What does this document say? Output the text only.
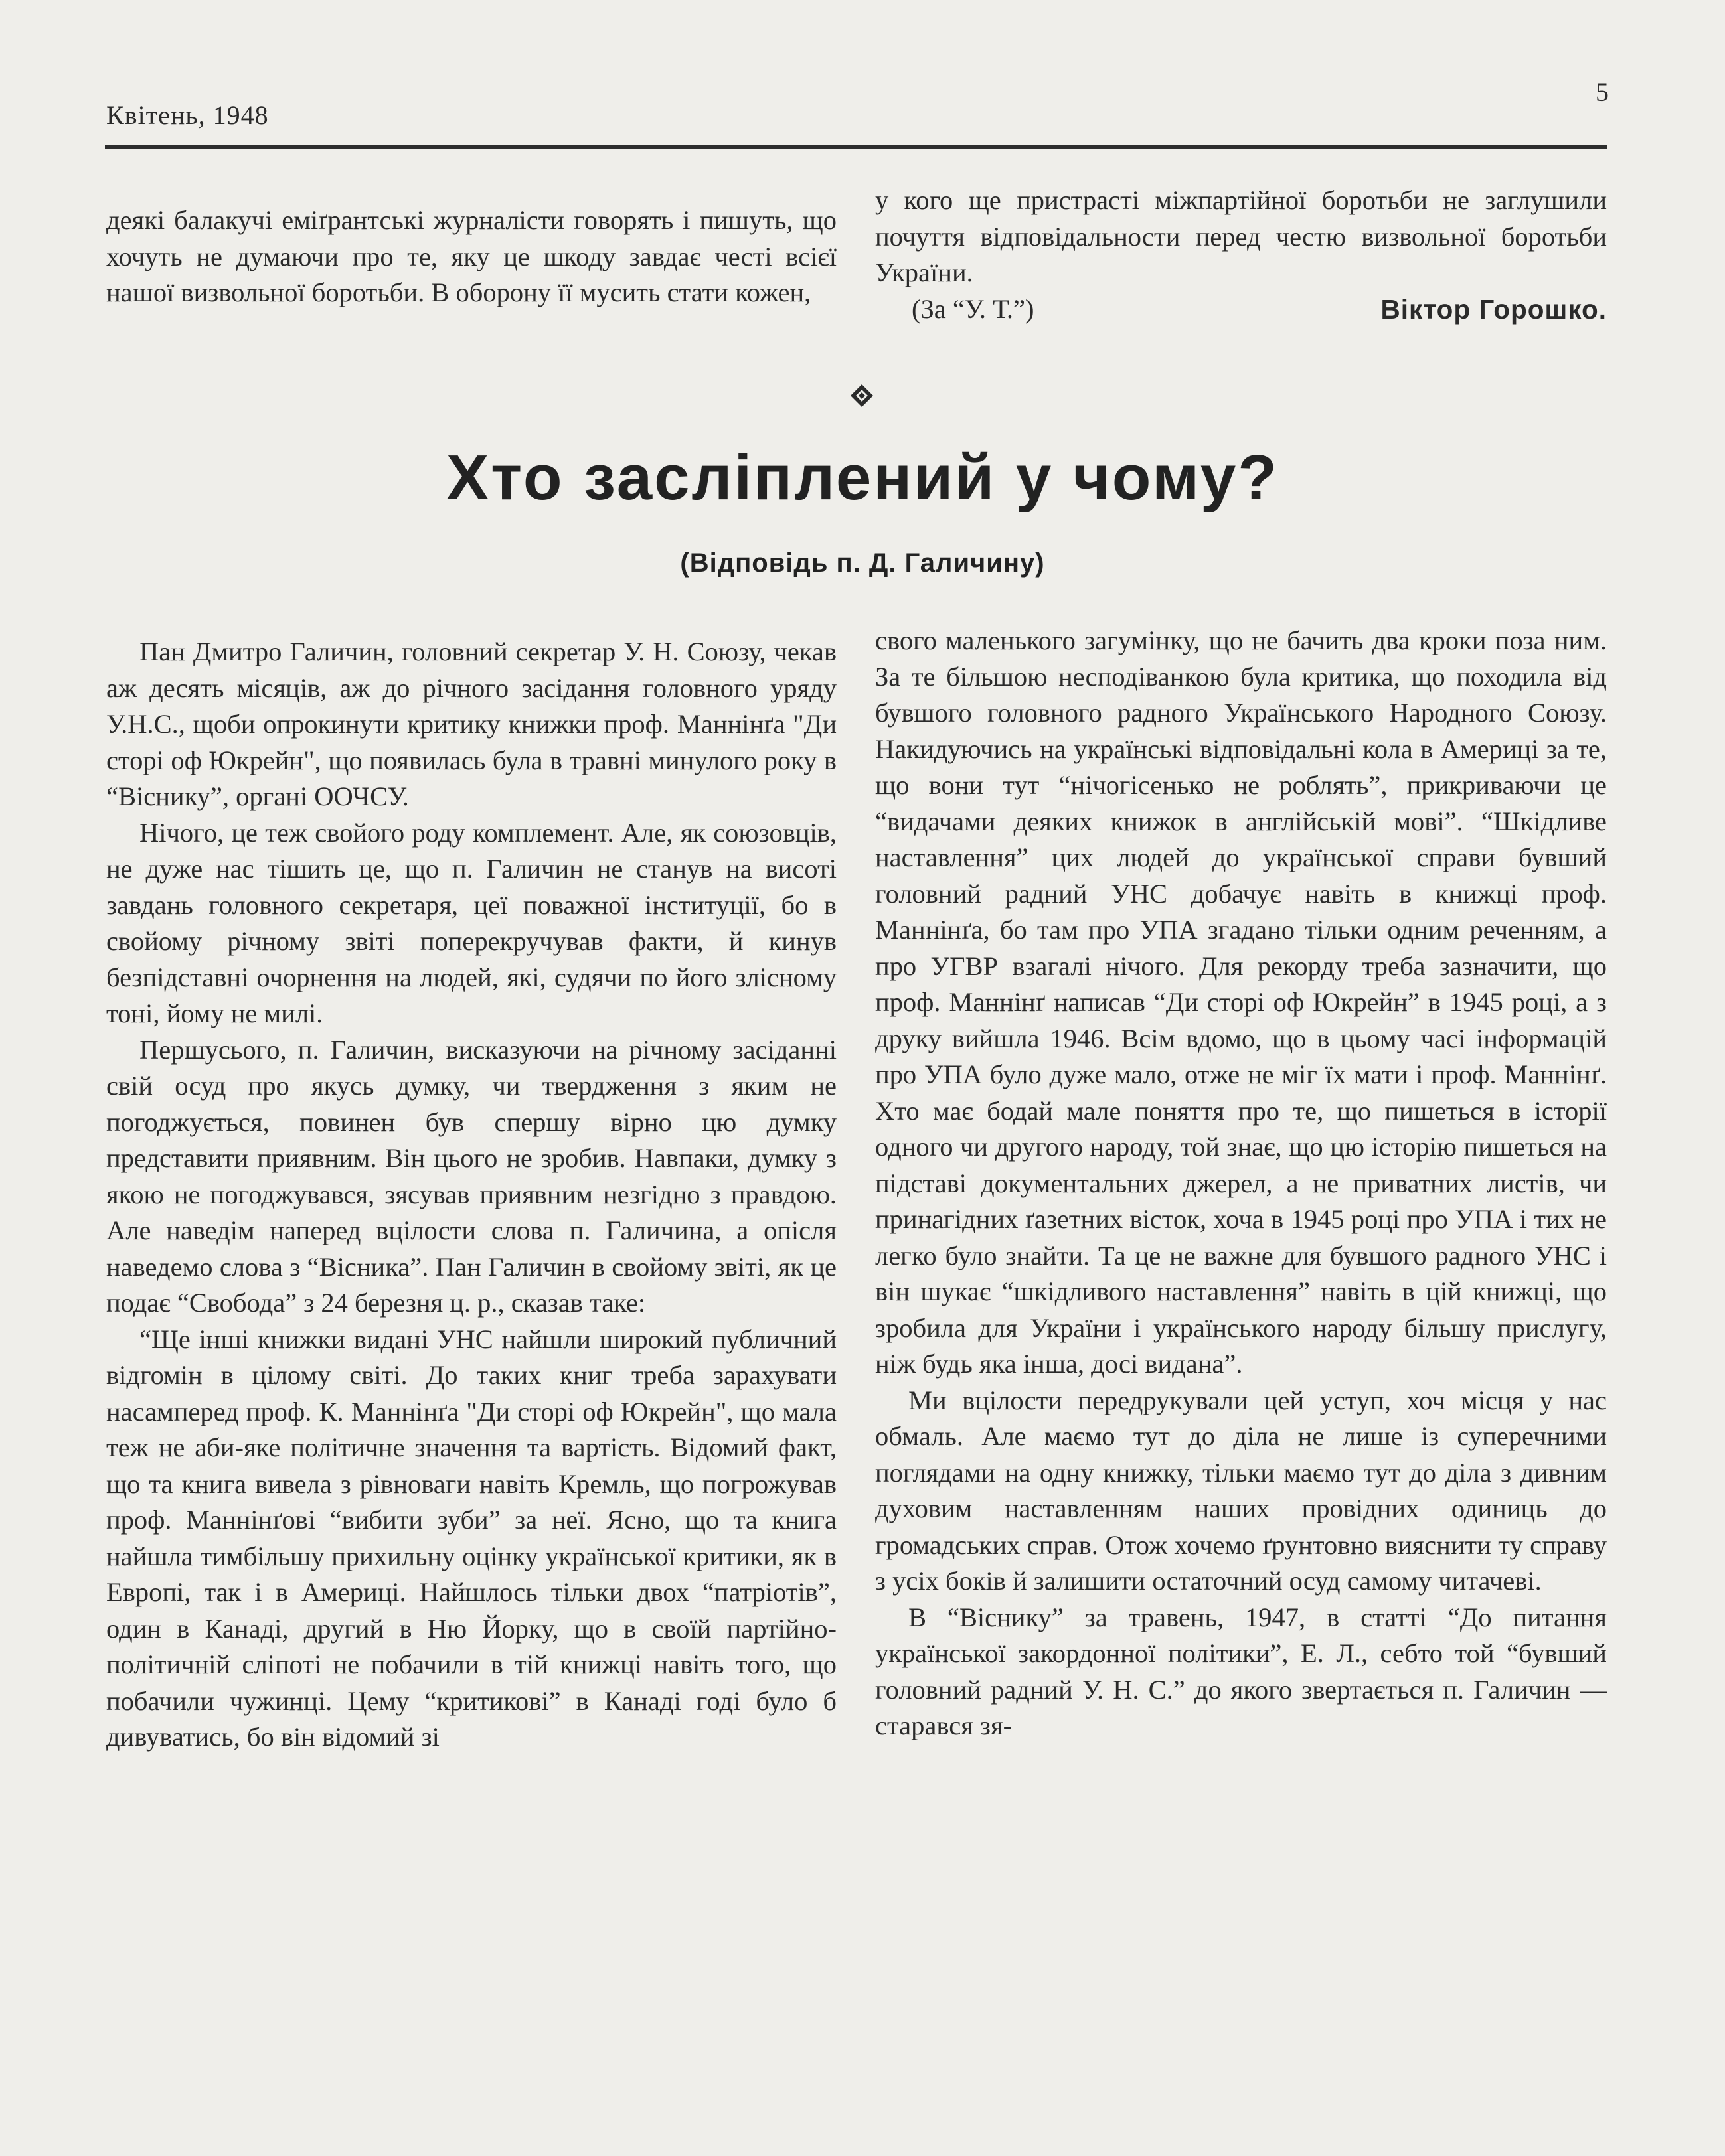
Квітень, 1948
5

деякі балакучі еміґрантські журналісти говорять і пишуть, що хочуть не думаючи про те, яку це шкоду завдає честі всієї нашої визвольної боротьби. В оборону її мусить стати кожен,

у кого ще пристрасті міжпартійної боротьби не заглушили почуття відповідальности перед честю визвольної боротьби України.

(За “У. Т.”)	Віктор Горошко.
Хто засліплений у чому?
(Відповідь п. Д. Галичину)

Пан Дмитро Галичин, головний секретар У. Н. Союзу, чекав аж десять місяців, аж до річного засідання головного уряду У.Н.С., щоби опрокинути критику книжки проф. Маннінґа "Ди сторі оф Юкрейн", що появилась була в травні минулого року в “Віснику”, органі ООЧСУ.

Нічого, це теж свойого роду комплемент. Але, як союзовців, не дуже нас тішить це, що п. Галичин не станув на висоті завдань головного секретаря, цеї поважної інституції, бо в свойому річному звіті поперекручував факти, й кинув безпідставні очорнення на людей, які, судячи по його злісному тоні, йому не милі.

Першусього, п. Галичин, висказуючи на річному засіданні свій осуд про якусь думку, чи твердження з яким не погоджується, повинен був спершу вірно цю думку представити приявним. Він цього не зробив. Навпаки, думку з якою не погоджувався, зясував приявним незгідно з правдою. Але наведім наперед вцілости слова п. Галичина, а опісля наведемо слова з “Вісника”. Пан Галичин в свойому звіті, як це подає “Свобода” з 24 березня ц. р., сказав таке:

“Ще інші книжки видані УНС найшли широкий публичний відгомін в цілому світі. До таких книг треба зарахувати насамперед проф. К. Маннінґа "Ди сторі оф Юкрейн", що мала теж не аби-яке політичне значення та вартість. Відомий факт, що та книга вивела з рівноваги навіть Кремль, що погрожував проф. Маннінґові “вибити зуби” за неї. Ясно, що та книга найшла тимбільшу прихильну оцінку української критики, як в Европі, так і в Америці. Найшлось тільки двох “патріотів”, один в Канаді, другий в Ню Йорку, що в своїй партійно-політичній сліпоті не побачили в тій книжці навіть того, що побачили чужинці. Цему “критикові” в Канаді годі було б дивуватись, бо він відомий зі

свого маленького загумінку, що не бачить два кроки поза ним. За те більшою несподіванкою була критика, що походила від бувшого головного радного Українського Народного Союзу. Накидуючись на українські відповідальні кола в Америці за те, що вони тут “нічогісенько не роблять”, прикриваючи це “видачами деяких книжок в англійській мові”. “Шкідливе наставлення” цих людей до української справи бувший головний радний УНС добачує навіть в книжці проф. Маннінґа, бо там про УПА згадано тільки одним реченням, а про УГВР взагалі нічого. Для рекорду треба зазначити, що проф. Маннінґ написав “Ди сторі оф Юкрейн” в 1945 році, а з друку вийшла 1946. Всім вдомо, що в цьому часі інформацій про УПА було дуже мало, отже не міг їх мати і проф. Маннінґ. Хто має бодай мале поняття про те, що пишеться в історії одного чи другого народу, той знає, що цю історію пишеться на підставі документальних джерел, а не приватних листів, чи принагідних ґазетних вісток, хоча в 1945 році про УПА і тих не легко було знайти. Та це не важне для бувшого радного УНС і він шукає “шкідливого наставлення” навіть в цій книжці, що зробила для України і українського народу більшу прислугу, ніж будь яка інша, досі видана”.

Ми вцілости передрукували цей уступ, хоч місця у нас обмаль. Але маємо тут до діла не лише із суперечними поглядами на одну книжку, тільки маємо тут до діла з дивним духовим наставленням наших провідних одиниць до громадських справ. Отож хочемо ґрунтовно вияснити ту справу з усіх боків й залишити остаточний осуд самому читачеві.

В “Віснику” за травень, 1947, в статті “До питання української закордонної політики”, Е. Л., себто той “бувший головний радний У. Н. С.” до якого звертається п. Галичин — старався зя-
